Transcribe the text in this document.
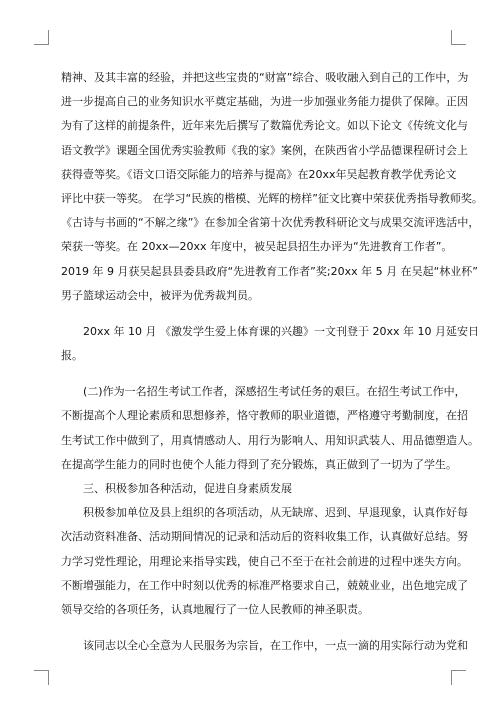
精神、及其丰富的经验，并把这些宝贵的“财富”综合、吸收融入到自己的工作中，为
进一步提高自己的业务知识水平奠定基础，为进一步加强业务能力提供了保障。正因
为有了这样的前提条件，近年来先后撰写了数篇优秀论文。如以下论文《传统文化与
语文教学》课题全国优秀实验教师《我的家》案例，在陕西省小学品德课程研讨会上
获得壹等奖。《语文口语交际能力的培养与提高》在20xx年吴起教育教学优秀论文
评比中获一等奖。 在学习“民族的楷模、光辉的榜样”征文比赛中荣获优秀指导教师奖。
《古诗与书画的“不解之缘”》在参加全省第十次优秀教科研论文与成果交流评选活中，
荣获一等奖。在 20xx—20xx 年度中，被吴起县招生办评为“先进教育工作者”。
2019 年 9 月获吴起县县委县政府“先进教育工作者”奖;20xx 年 5 月 在吴起“林业杯”
男子篮球运动会中，被评为优秀裁判员。
20xx 年 10 月 《激发学生爱上体育课的兴趣》一文刊登于 20xx 年 10 月延安日
报。
(二)作为一名招生考试工作者，深感招生考试任务的艰巨。在招生考试工作中，
不断提高个人理论素质和思想修养，恪守教师的职业道德，严格遵守考勤制度，在招
生考试工作中做到了，用真情感动人、用行为影响人、用知识武装人、用品德塑造人。
在提高学生能力的同时也使个人能力得到了充分锻炼，真正做到了一切为了学生。
三、积极参加各种活动，促进自身素质发展
积极参加单位及县上组织的各项活动，从无缺席、迟到、早退现象，认真作好每
次活动资料准备、活动期间情况的记录和活动后的资料收集工作，认真做好总结。努
力学习党性理论，用理论来指导实践，使自己不至于在社会前进的过程中迷失方向。
不断增强能力，在工作中时刻以优秀的标准严格要求自己，兢兢业业，出色地完成了
领导交给的各项任务，认真地履行了一位人民教师的神圣职责。
该同志以全心全意为人民服务为宗旨，在工作中，一点一滴的用实际行动为党和
